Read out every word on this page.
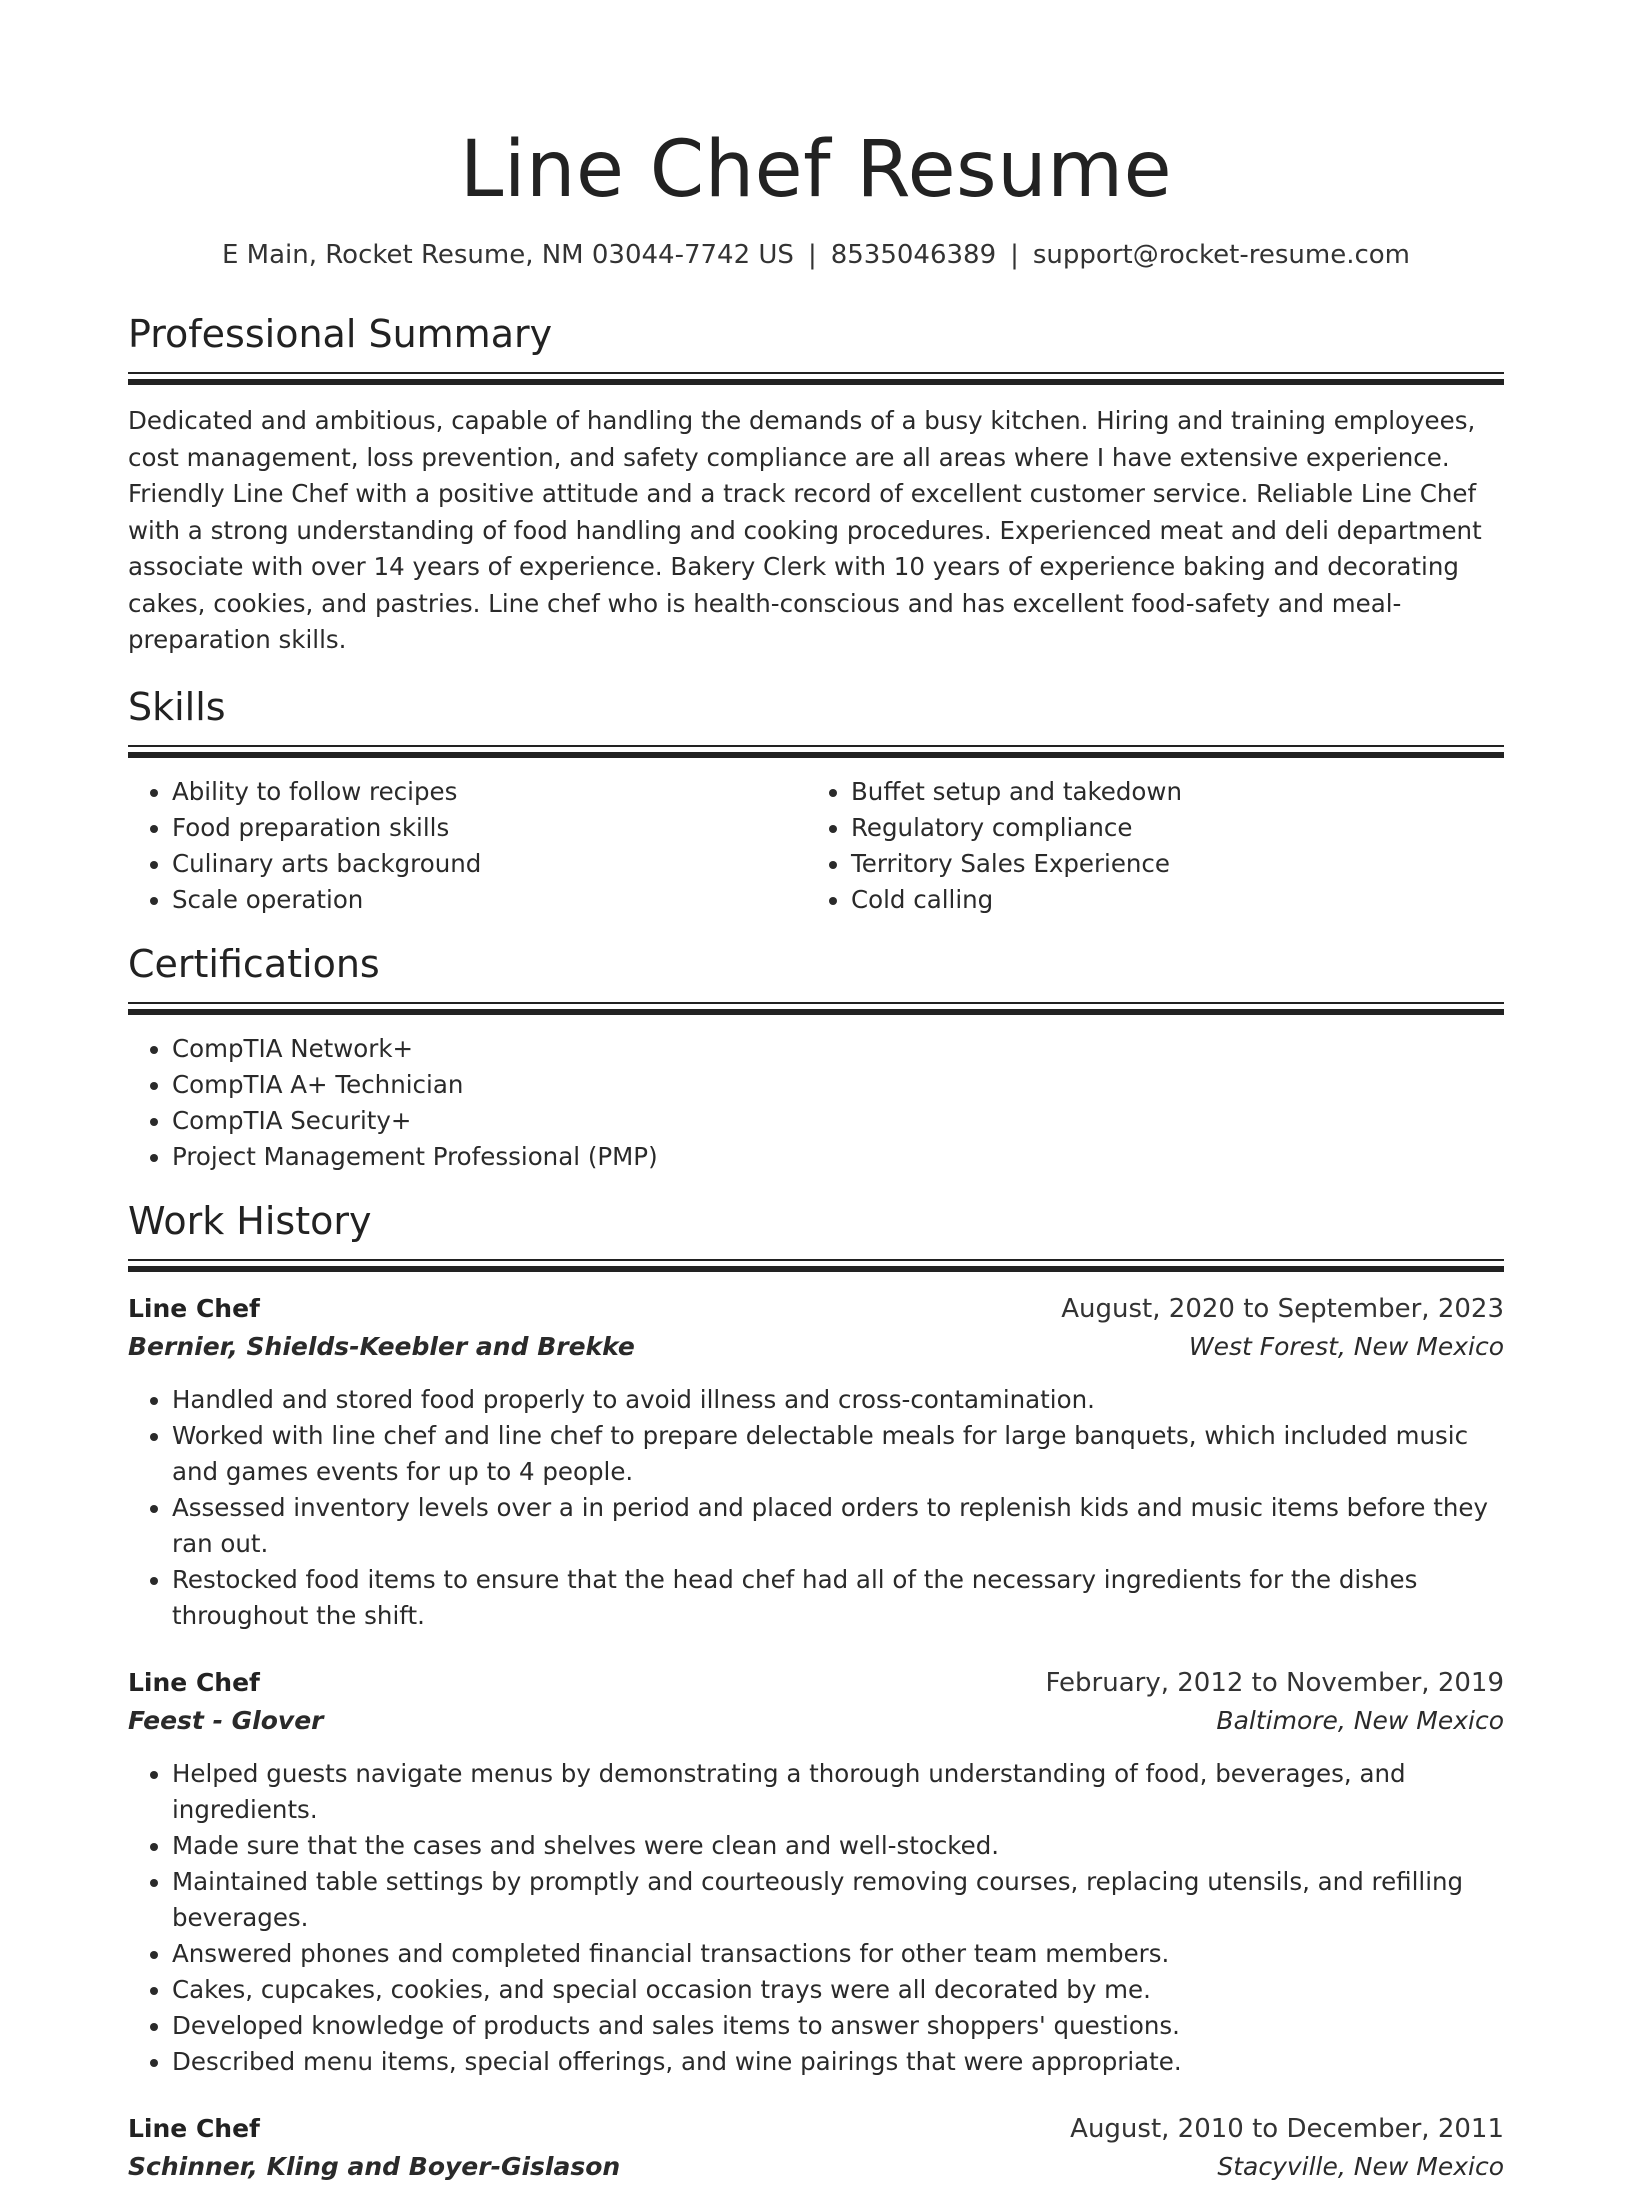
Line Chef Resume
E Main, Rocket Resume, NM 03044-7742 US | 8535046389 | support@rocket-resume.com
Professional Summary

Dedicated and ambitious, capable of handling the demands of a busy kitchen. Hiring and training employees, cost management, loss prevention, and safety compliance are all areas where I have extensive experience. Friendly Line Chef with a positive attitude and a track record of excellent customer service. Reliable Line Chef with a strong understanding of food handling and cooking procedures. Experienced meat and deli department associate with over 14 years of experience. Bakery Clerk with 10 years of experience baking and decorating cakes, cookies, and pastries. Line chef who is health-conscious and has excellent food-safety and meal-preparation skills.

Skills
• Ability to follow recipes
• Food preparation skills
• Culinary arts background
• Scale operation
• Buffet setup and takedown
• Regulatory compliance
• Territory Sales Experience
• Cold calling
Certifications
• CompTIA Network+
• CompTIA A+ Technician
• CompTIA Security+
• Project Management Professional (PMP)
Work History
Line Chef	August, 2020 to September, 2023
Bernier, Shields-Keebler and Brekke	West Forest, New Mexico
• Handled and stored food properly to avoid illness and cross-contamination.
• Worked with line chef and line chef to prepare delectable meals for large banquets, which included music and games events for up to 4 people.
• Assessed inventory levels over a in period and placed orders to replenish kids and music items before they ran out.
• Restocked food items to ensure that the head chef had all of the necessary ingredients for the dishes throughout the shift.
Line Chef	February, 2012 to November, 2019
Feest - Glover	Baltimore, New Mexico
• Helped guests navigate menus by demonstrating a thorough understanding of food, beverages, and ingredients.
• Made sure that the cases and shelves were clean and well-stocked.
• Maintained table settings by promptly and courteously removing courses, replacing utensils, and refilling beverages.
• Answered phones and completed financial transactions for other team members.
• Cakes, cupcakes, cookies, and special occasion trays were all decorated by me.
• Developed knowledge of products and sales items to answer shoppers' questions.
• Described menu items, special offerings, and wine pairings that were appropriate.
Line Chef	August, 2010 to December, 2011
Schinner, Kling and Boyer-Gislason	Stacyville, New Mexico
